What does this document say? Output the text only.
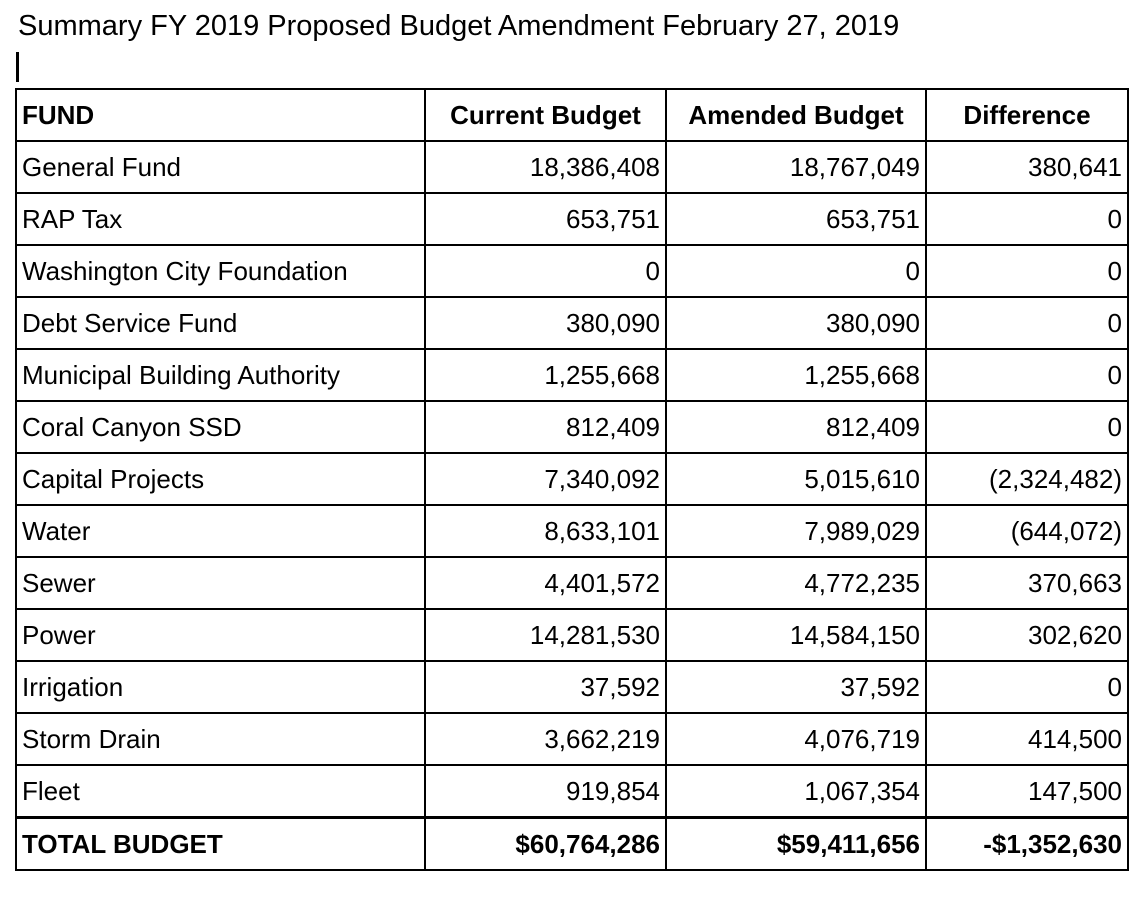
Summary FY 2019 Proposed Budget Amendment February 27, 2019
FUND	Current Budget	Amended Budget	Difference
General Fund	18,386,408	18,767,049	380,641
RAP Tax	653,751	653,751	0
Washington City Foundation	0	0	0
Debt Service Fund	380,090	380,090	0
Municipal Building Authority	1,255,668	1,255,668	0
Coral Canyon SSD	812,409	812,409	0
Capital Projects	7,340,092	5,015,610	(2,324,482)
Water	8,633,101	7,989,029	(644,072)
Sewer	4,401,572	4,772,235	370,663
Power	14,281,530	14,584,150	302,620
Irrigation	37,592	37,592	0
Storm Drain	3,662,219	4,076,719	414,500
Fleet	919,854	1,067,354	147,500
TOTAL BUDGET	$60,764,286	$59,411,656	-$1,352,630
